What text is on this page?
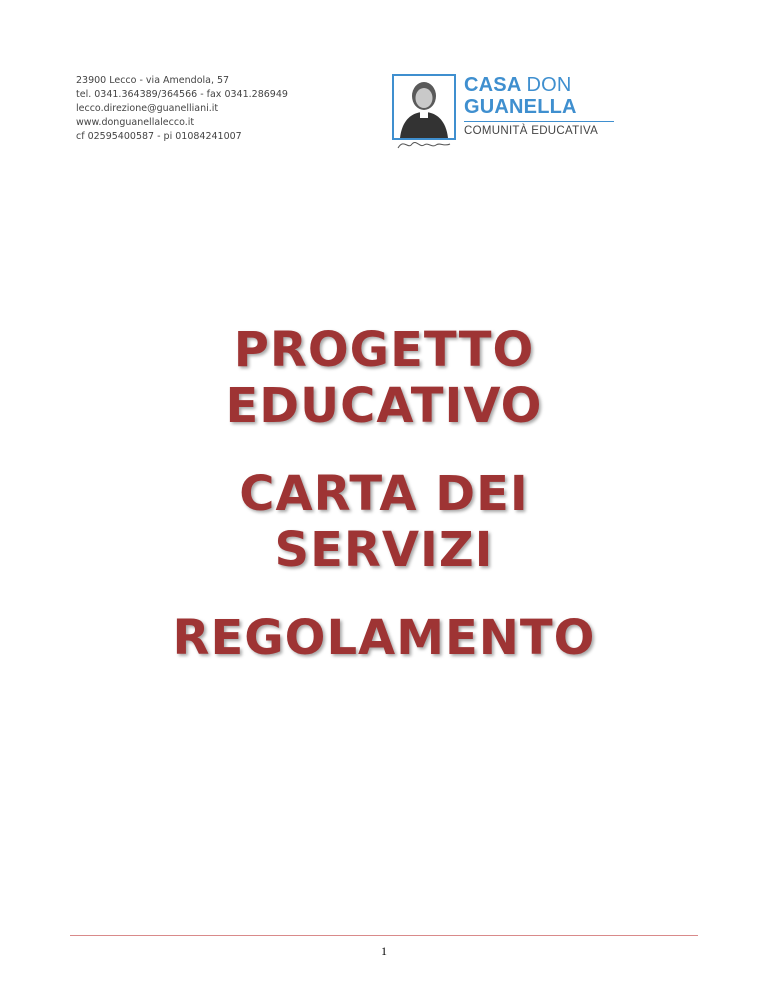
23900 Lecco - via Amendola, 57
tel. 0341.364389/364566 - fax 0341.286949
lecco.direzione@guanelliani.it
www.donguanellalecco.it
cf 02595400587 - pi 01084241007
CASA DON
GUANELLA
COMUNITÀ EDUCATIVA
PROGETTO
EDUCATIVO
CARTA DEI
SERVIZI
REGOLAMENTO
1
